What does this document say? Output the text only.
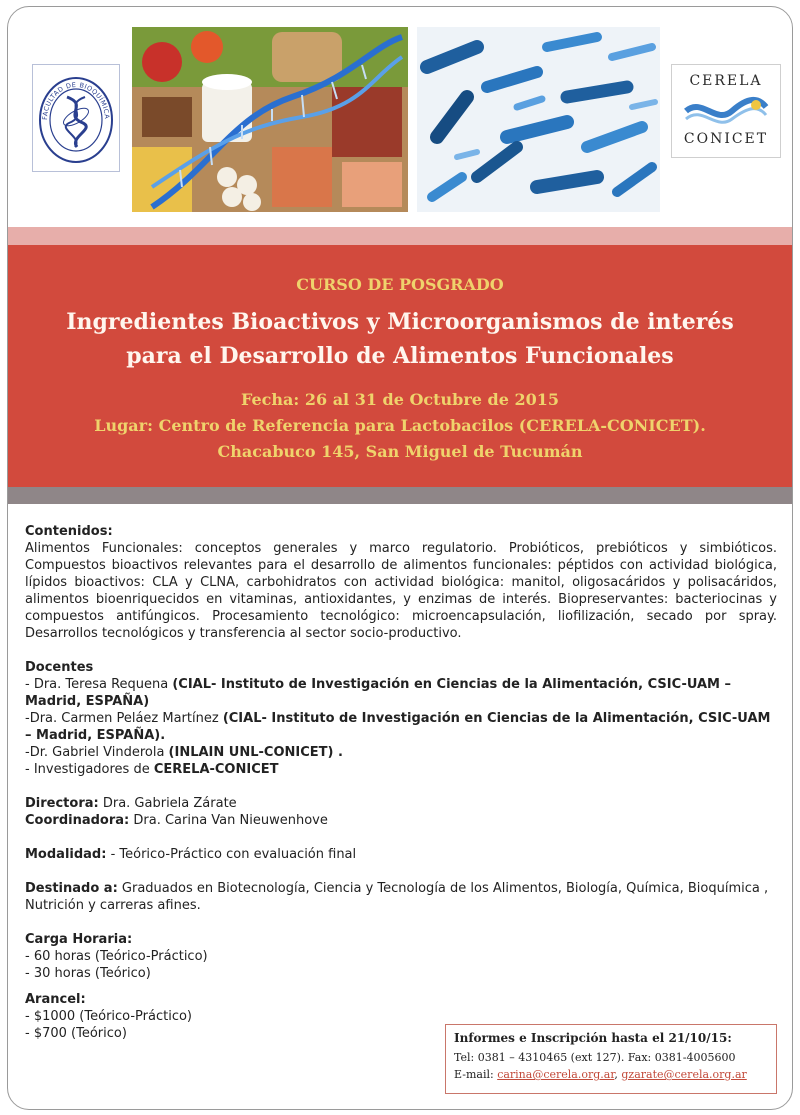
FACULTAD DE BIOQUÍMICA
CERELA
CONICET
CURSO DE POSGRADO
Ingredientes Bioactivos y Microorganismos de interés
para el Desarrollo de Alimentos Funcionales
Fecha: 26 al 31 de Octubre de 2015
Lugar: Centro de Referencia para Lactobacilos (CERELA-CONICET).
Chacabuco 145, San Miguel de Tucumán

Contenidos:

Alimentos Funcionales: conceptos generales y marco regulatorio. Probióticos, prebióticos y simbióticos. Compuestos bioactivos relevantes para el desarrollo de alimentos funcionales: péptidos con actividad biológica, lípidos bioactivos: CLA y CLNA, carbohidratos con actividad biológica: manitol, oligosacáridos y polisacáridos, alimentos bioenriquecidos en vitaminas, antioxidantes, y enzimas de interés. Biopreservantes: bacteriocinas y compuestos antifúngicos. Procesamiento tecnológico: microencapsulación, liofilización, secado por spray. Desarrollos tecnológicos y transferencia al sector socio-productivo.

Docentes

- Dra. Teresa Requena (CIAL- Instituto de Investigación en Ciencias de la Alimentación, CSIC-UAM – Madrid, ESPAÑA)

-Dra. Carmen Peláez Martínez (CIAL- Instituto de Investigación en Ciencias de la Alimentación, CSIC-UAM – Madrid, ESPAÑA).

-Dr. Gabriel Vinderola (INLAIN UNL-CONICET) .

- Investigadores de CERELA-CONICET

Directora: Dra. Gabriela Zárate

Coordinadora: Dra. Carina Van Nieuwenhove

Modalidad: - Teórico-Práctico con evaluación final

Destinado a: Graduados en Biotecnología, Ciencia y Tecnología de los Alimentos, Biología, Química, Bioquímica , Nutrición y carreras afines.

Carga Horaria:

- 60 horas (Teórico-Práctico)

- 30 horas (Teórico)

Arancel:

- $1000 (Teórico-Práctico)

- $700 (Teórico)	Informes e Inscripción hasta el 21/10/15:
Tel: 0381 – 4310465 (ext 127). Fax: 0381-4005600
E-mail: carina@cerela.org.ar, gzarate@cerela.org.ar
